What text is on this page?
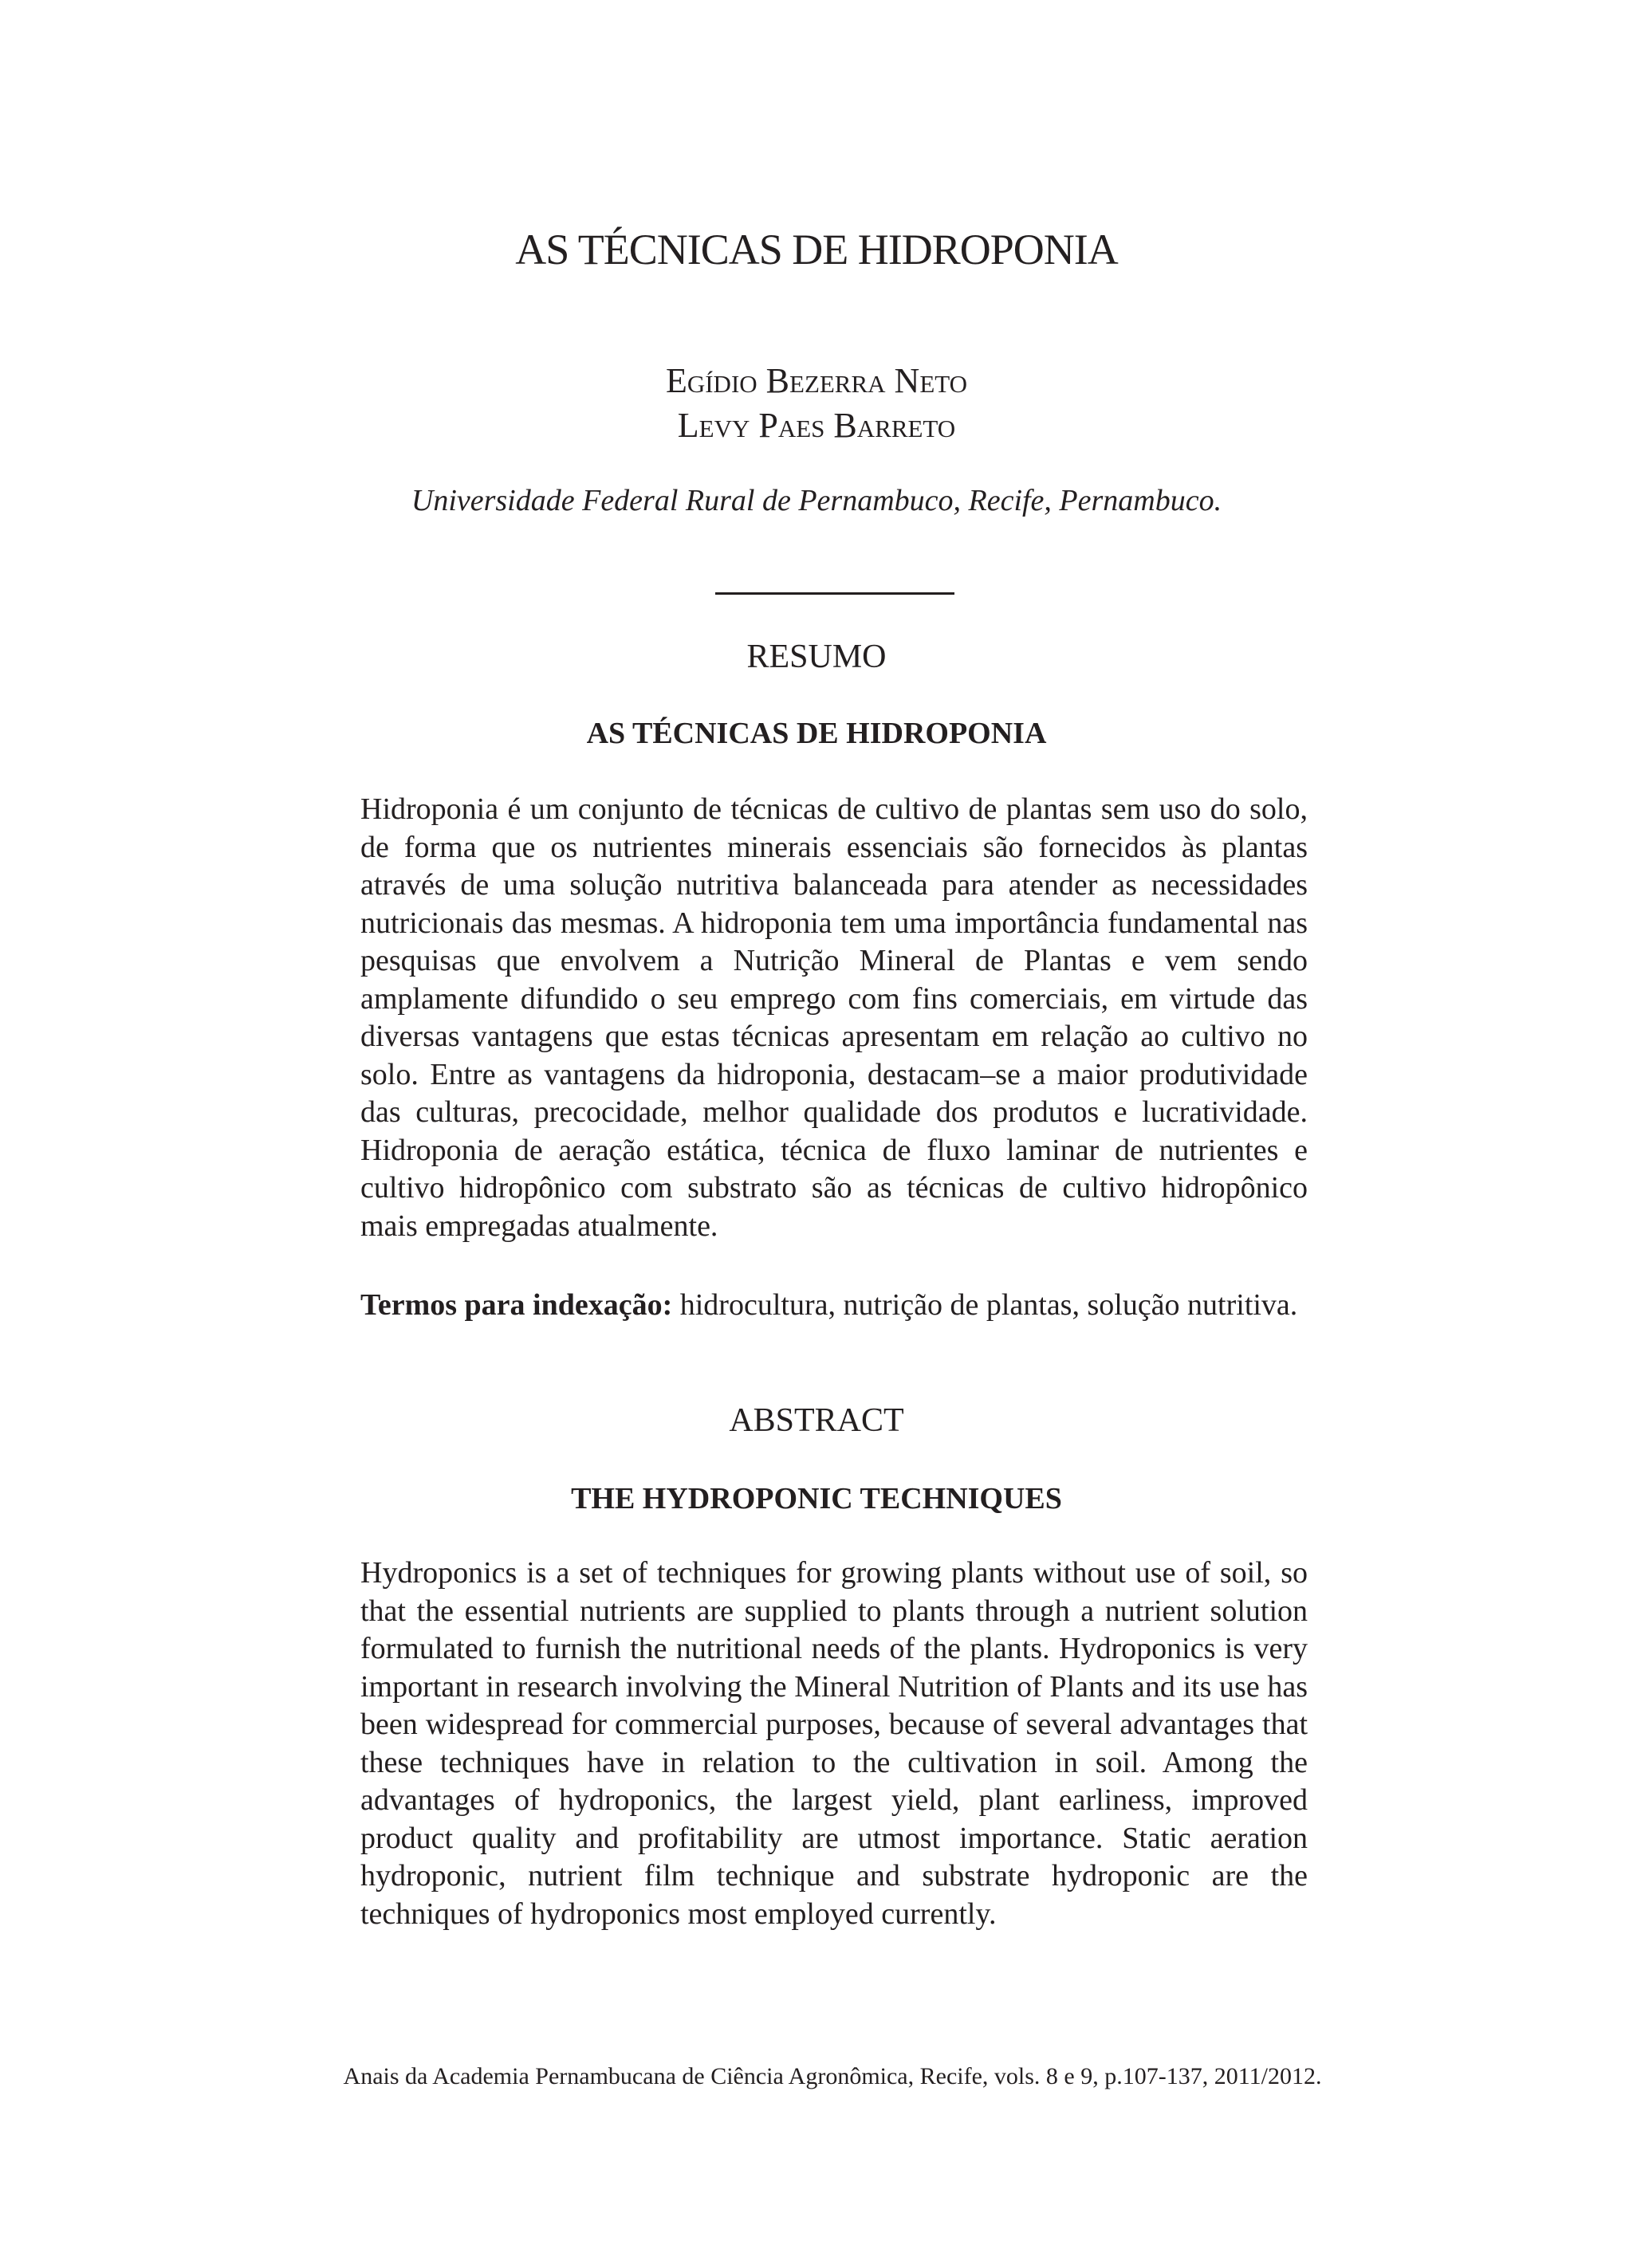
AS TÉCNICAS DE HIDROPONIA
Egídio Bezerra Neto
Levy Paes Barreto
Universidade Federal Rural de Pernambuco, Recife, Pernambuco.
RESUMO
AS TÉCNICAS DE HIDROPONIA

Hidroponia é um conjunto de técnicas de cultivo de plantas sem uso do solo, de forma que os nutrientes minerais essenciais são fornecidos às plantas através de uma solução nutritiva balanceada para atender as necessidades nutricionais das mesmas. A hidroponia tem uma importância fundamental nas pesquisas que envolvem a Nutrição Mineral de Plantas e vem sendo amplamente difundido o seu emprego com fins comerciais, em virtude das diversas vantagens que estas técnicas apresentam em relação ao cultivo no solo. Entre as vantagens da hidroponia, destacam–se a maior produtividade das culturas, precocidade, melhor qualidade dos produtos e lucratividade. Hidroponia de aeração estática, técnica de fluxo laminar de nutrientes e cultivo hidropônico com substrato são as técnicas de cultivo hidropônico mais empregadas atualmente.

Termos para indexação: hidrocultura, nutrição de plantas, solução nutritiva.

ABSTRACT
THE HYDROPONIC TECHNIQUES

Hydroponics is a set of techniques for growing plants without use of soil, so that the essential nutrients are supplied to plants through a nutrient solution formulated to furnish the nutritional needs of the plants. Hydroponics is very important in research involving the Mineral Nutrition of Plants and its use has been widespread for commercial purposes, because of several advantages that these techniques have in relation to the cultivation in soil. Among the advantages of hydroponics, the largest yield, plant earliness, improved product quality and profitability are utmost importance. Static aeration hydroponic, nutrient film technique and substrate hydroponic are the techniques of hydroponics most employed currently.

Anais da Academia Pernambucana de Ciência Agronômica, Recife, vols. 8 e 9, p.107-137, 2011/2012.
